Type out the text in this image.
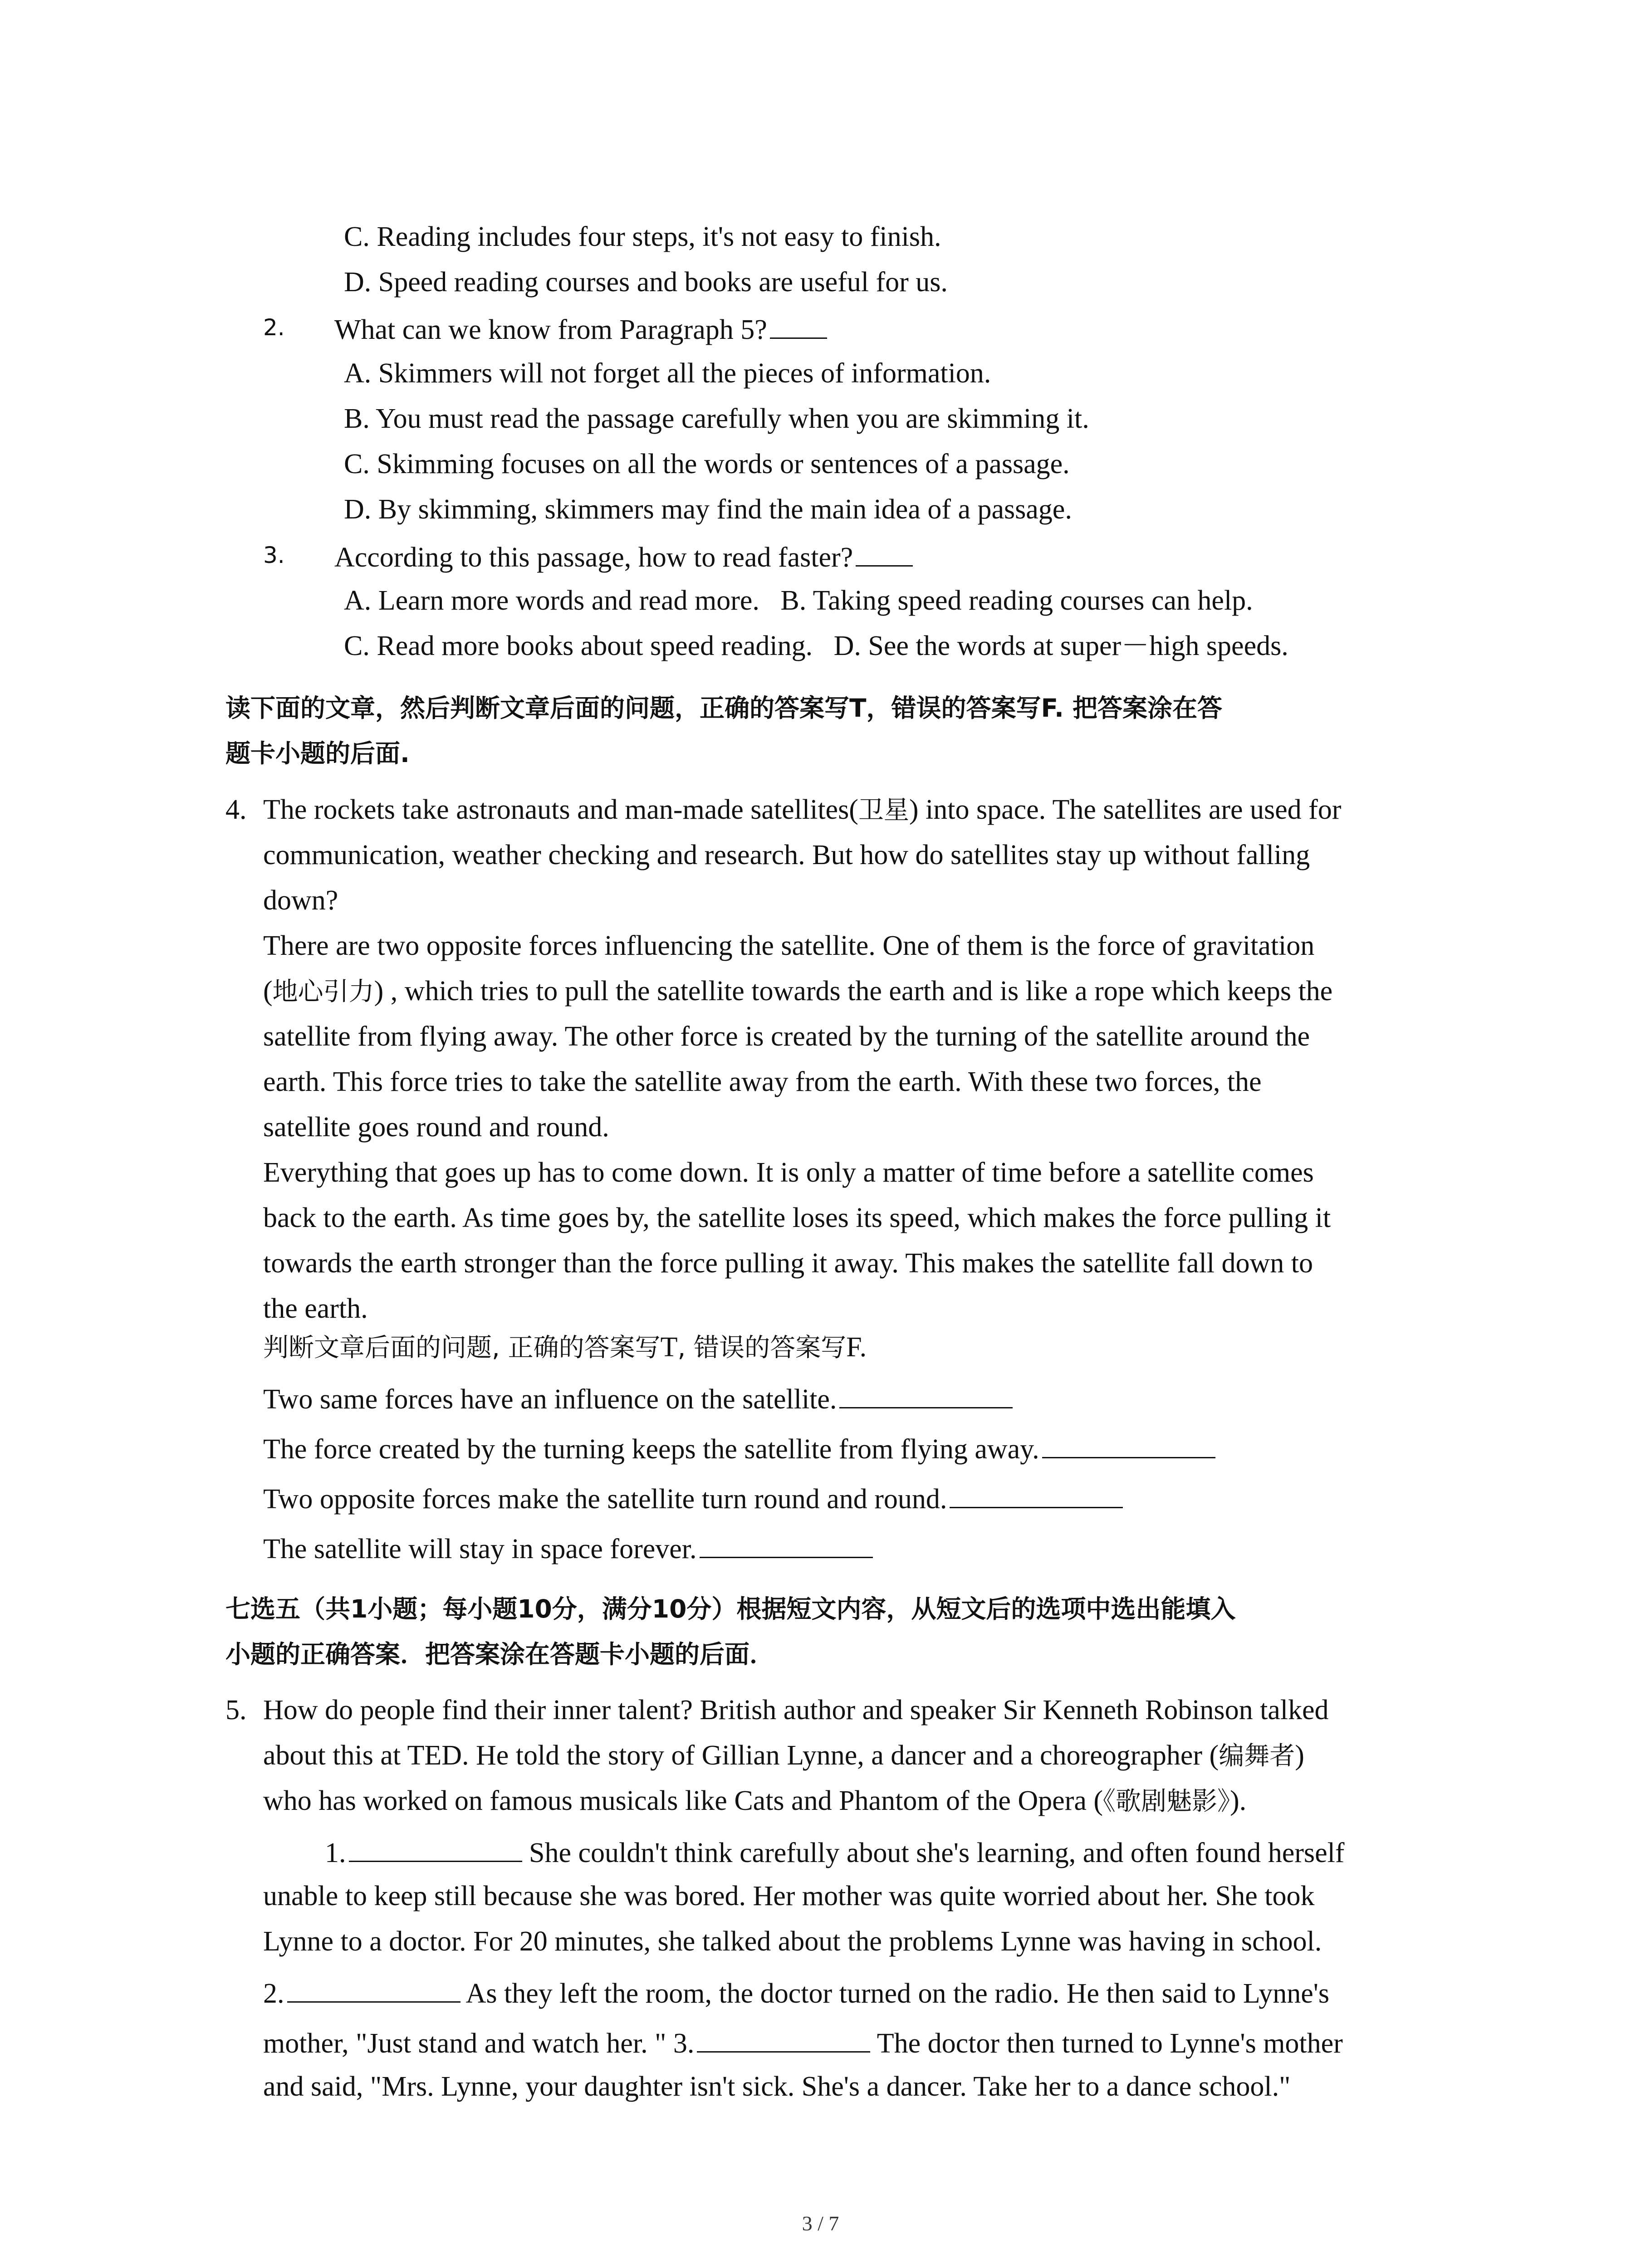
C. Reading includes four steps, it's not easy to finish.
D. Speed reading courses and books are useful for us.
2. What can we know from Paragraph 5?
A. Skimmers will not forget all the pieces of information.
B. You must read the passage carefully when you are skimming it.
C. Skimming focuses on all the words or sentences of a passage.
D. By skimming, skimmers may find the main idea of a passage.
3. According to this passage, how to read faster?
A. Learn more words and read more.   B. Taking speed reading courses can help.
C. Read more books about speed reading.   D. See the words at super－high speeds.
读下面的文章，然后判断文章后面的问题，正确的答案写T，错误的答案写F. 把答案涂在答
题卡小题的后面.
4. The rockets take astronauts and man-made satellites(卫星) into space. The satellites are used for
communication, weather checking and research. But how do satellites stay up without falling
down?
There are two opposite forces influencing the satellite. One of them is the force of gravitation
(地心引力) , which tries to pull the satellite towards the earth and is like a rope which keeps the
satellite from flying away. The other force is created by the turning of the satellite around the
earth. This force tries to take the satellite away from the earth. With these two forces, the
satellite goes round and round.
Everything that goes up has to come down. It is only a matter of time before a satellite comes
back to the earth. As time goes by, the satellite loses its speed, which makes the force pulling it
towards the earth stronger than the force pulling it away. This makes the satellite fall down to
the earth.
判断文章后面的问题, 正确的答案写T, 错误的答案写F.
Two same forces have an influence on the satellite.
The force created by the turning keeps the satellite from flying away.
Two opposite forces make the satellite turn round and round.
The satellite will stay in space forever.
七选五（共1小题；每小题10分，满分10分）根据短文内容，从短文后的选项中选出能填入
小题的正确答案．把答案涂在答题卡小题的后面．
5. How do people find their inner talent? British author and speaker Sir Kenneth Robinson talked
about this at TED. He told the story of Gillian Lynne, a dancer and a choreographer (编舞者)
who has worked on famous musicals like Cats and Phantom of the Opera (《歌剧魅影》).
1.	She couldn't think carefully about she's learning, and often found herself
unable to keep still because she was bored. Her mother was quite worried about her. She took
Lynne to a doctor. For 20 minutes, she talked about the problems Lynne was having in school.
2.	As they left the room, the doctor turned on the radio. He then said to Lynne's
mother, "Just stand and watch her. " 3.	The doctor then turned to Lynne's mother
and said, "Mrs. Lynne, your daughter isn't sick. She's a dancer. Take her to a dance school."
3 / 7
